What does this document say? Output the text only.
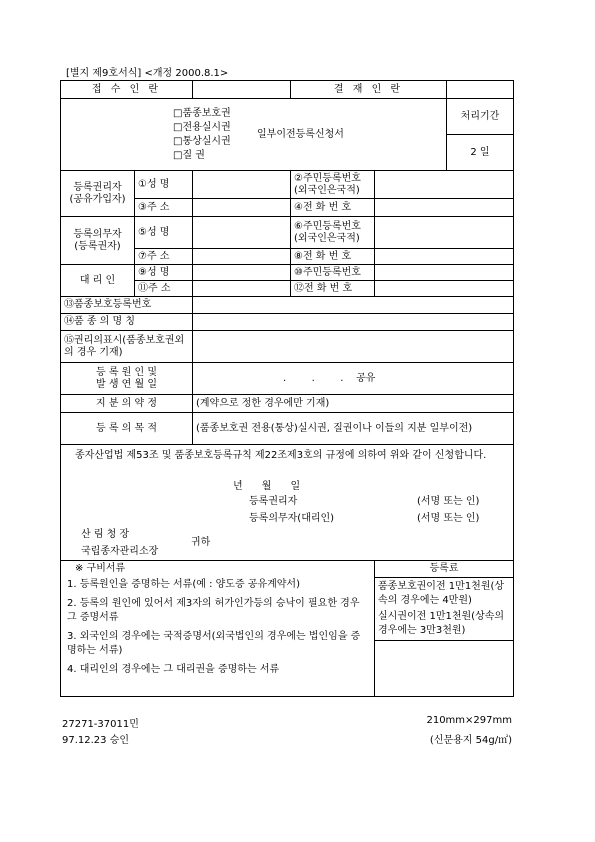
[별지 제9호서식] <개정 2000.8.1>
접 수 인 란		결 재 인 란	

□품종보호권
□전용실시권
□통상실시권
□질 권
	일부이전등록신청서
	처리기간
2 일
등록권리자
(공유가입자)	①성 명		②주민등록번호
(외국인은국적)	
③주 소		④전 화 번 호	
등록의무자
(등록권자)	⑤성 명		⑥주민등록번호
(외국인은국적)	
⑦주 소		⑧전 화 번 호	
대 리 인	⑨성 명		⑩주민등록번호	
⑪주 소		⑫전 화 번 호	
⑬품종보호등록번호	
⑭품 종 의 명 칭	
⑮권리의표시(품종보호권외의 경우 기재)	
등 록 원 인 및
발 생 연 월 일	.        .        .    공유
지 분 의 약 정	(계약으로 정한 경우에만 기재)
등 록 의 목 적	(품종보호권 전용(통상)실시권, 질권이나 이들의 지분 일부이전)

종자산업법 제53조 및 품종보호등록규칙 제22조제3호의 규정에 의하여 위와 같이 신청합니다.
년      월      일
등록권리자	(서명 또는 인)
등록의무자(대리인)	(서명 또는 인)
산 림 청 장
국립종자관리소장
귀하

※ 구비서류
1. 등록원인을 증명하는 서류(예 : 양도증 공유계약서)
2. 등록의 원인에 있어서 제3자의 허가인가등의 승낙이 필요한 경우 그 증명서류
3. 외국인의 경우에는 국적증명서(외국법인의 경우에는 법인임을 증명하는 서류)
4. 대리인의 경우에는 그 대리권을 증명하는 서류

등록료
품종보호권이전 1만1천원(상속의 경우에는 4만원)
실시권이전 1만1천원(상속의 경우에는 3만3천원)
27271-37011민
97.12.23 승인
210mm×297mm
(신문용지 54g/㎡)
